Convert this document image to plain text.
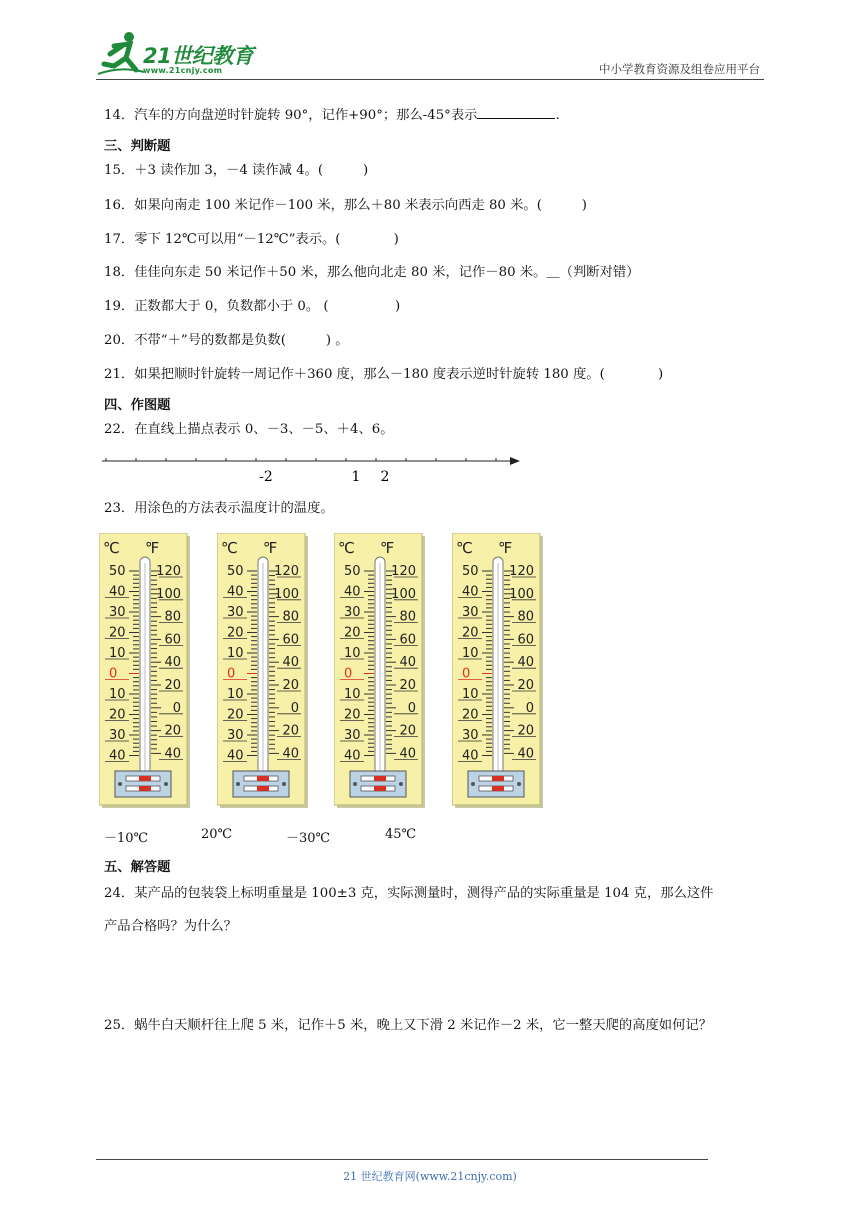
21世纪教育
www.21cnjy.com	中小学教育资源及组卷应用平台
14．汽车的方向盘逆时针旋转 90°，记作+90°；那么-45°表示	.
三、判断题
15．＋3 读作加 3，－4 读作减 4。(　　　)
16．如果向南走 100 米记作－100 米，那么＋80 米表示向西走 80 米。(　　　)
17．零下 12℃可以用“－12℃”表示。(　　　　)
18．佳佳向东走 50 米记作＋50 米，那么他向北走 80 米，记作－80 米。＿（判断对错）
19．正数都大于 0，负数都小于 0。 (　　　　　)
20．不带“＋”号的数都是负数(　　　) 。
21．如果把顺时针旋转一周记作＋360 度，那么－180 度表示逆时针旋转 180 度。(　　　　)
四、作图题
22．在直线上描点表示 0、－3、－5、＋4、6。
-2	1 2
23．用涂色的方法表示温度计的温度。
℃ ℉
50
40
30
20
10
0
10
20
30
40
120
100
80
60
40
20
0
20
40
℃ ℉
50
40
30
20
10
0
10
20
30
40
120
100
80
60
40
20
0
20
40
℃ ℉
50
40
30
20
10
0
10
20
30
40
120
100
80
60
40
20
0
20
40
℃ ℉
50
40
30
20
10
0
10
20
30
40
120
100
80
60
40
20
0
20
40
－10℃	20℃	－30℃	45℃
五、解答题
24．某产品的包装袋上标明重量是 100±3 克，实际测量时，测得产品的实际重量是 104 克，那么这件
产品合格吗？为什么？
25．蜗牛白天顺杆往上爬 5 米，记作＋5 米，晚上又下滑 2 米记作－2 米，它一整天爬的高度如何记？
21 世纪教育网(www.21cnjy.com)
